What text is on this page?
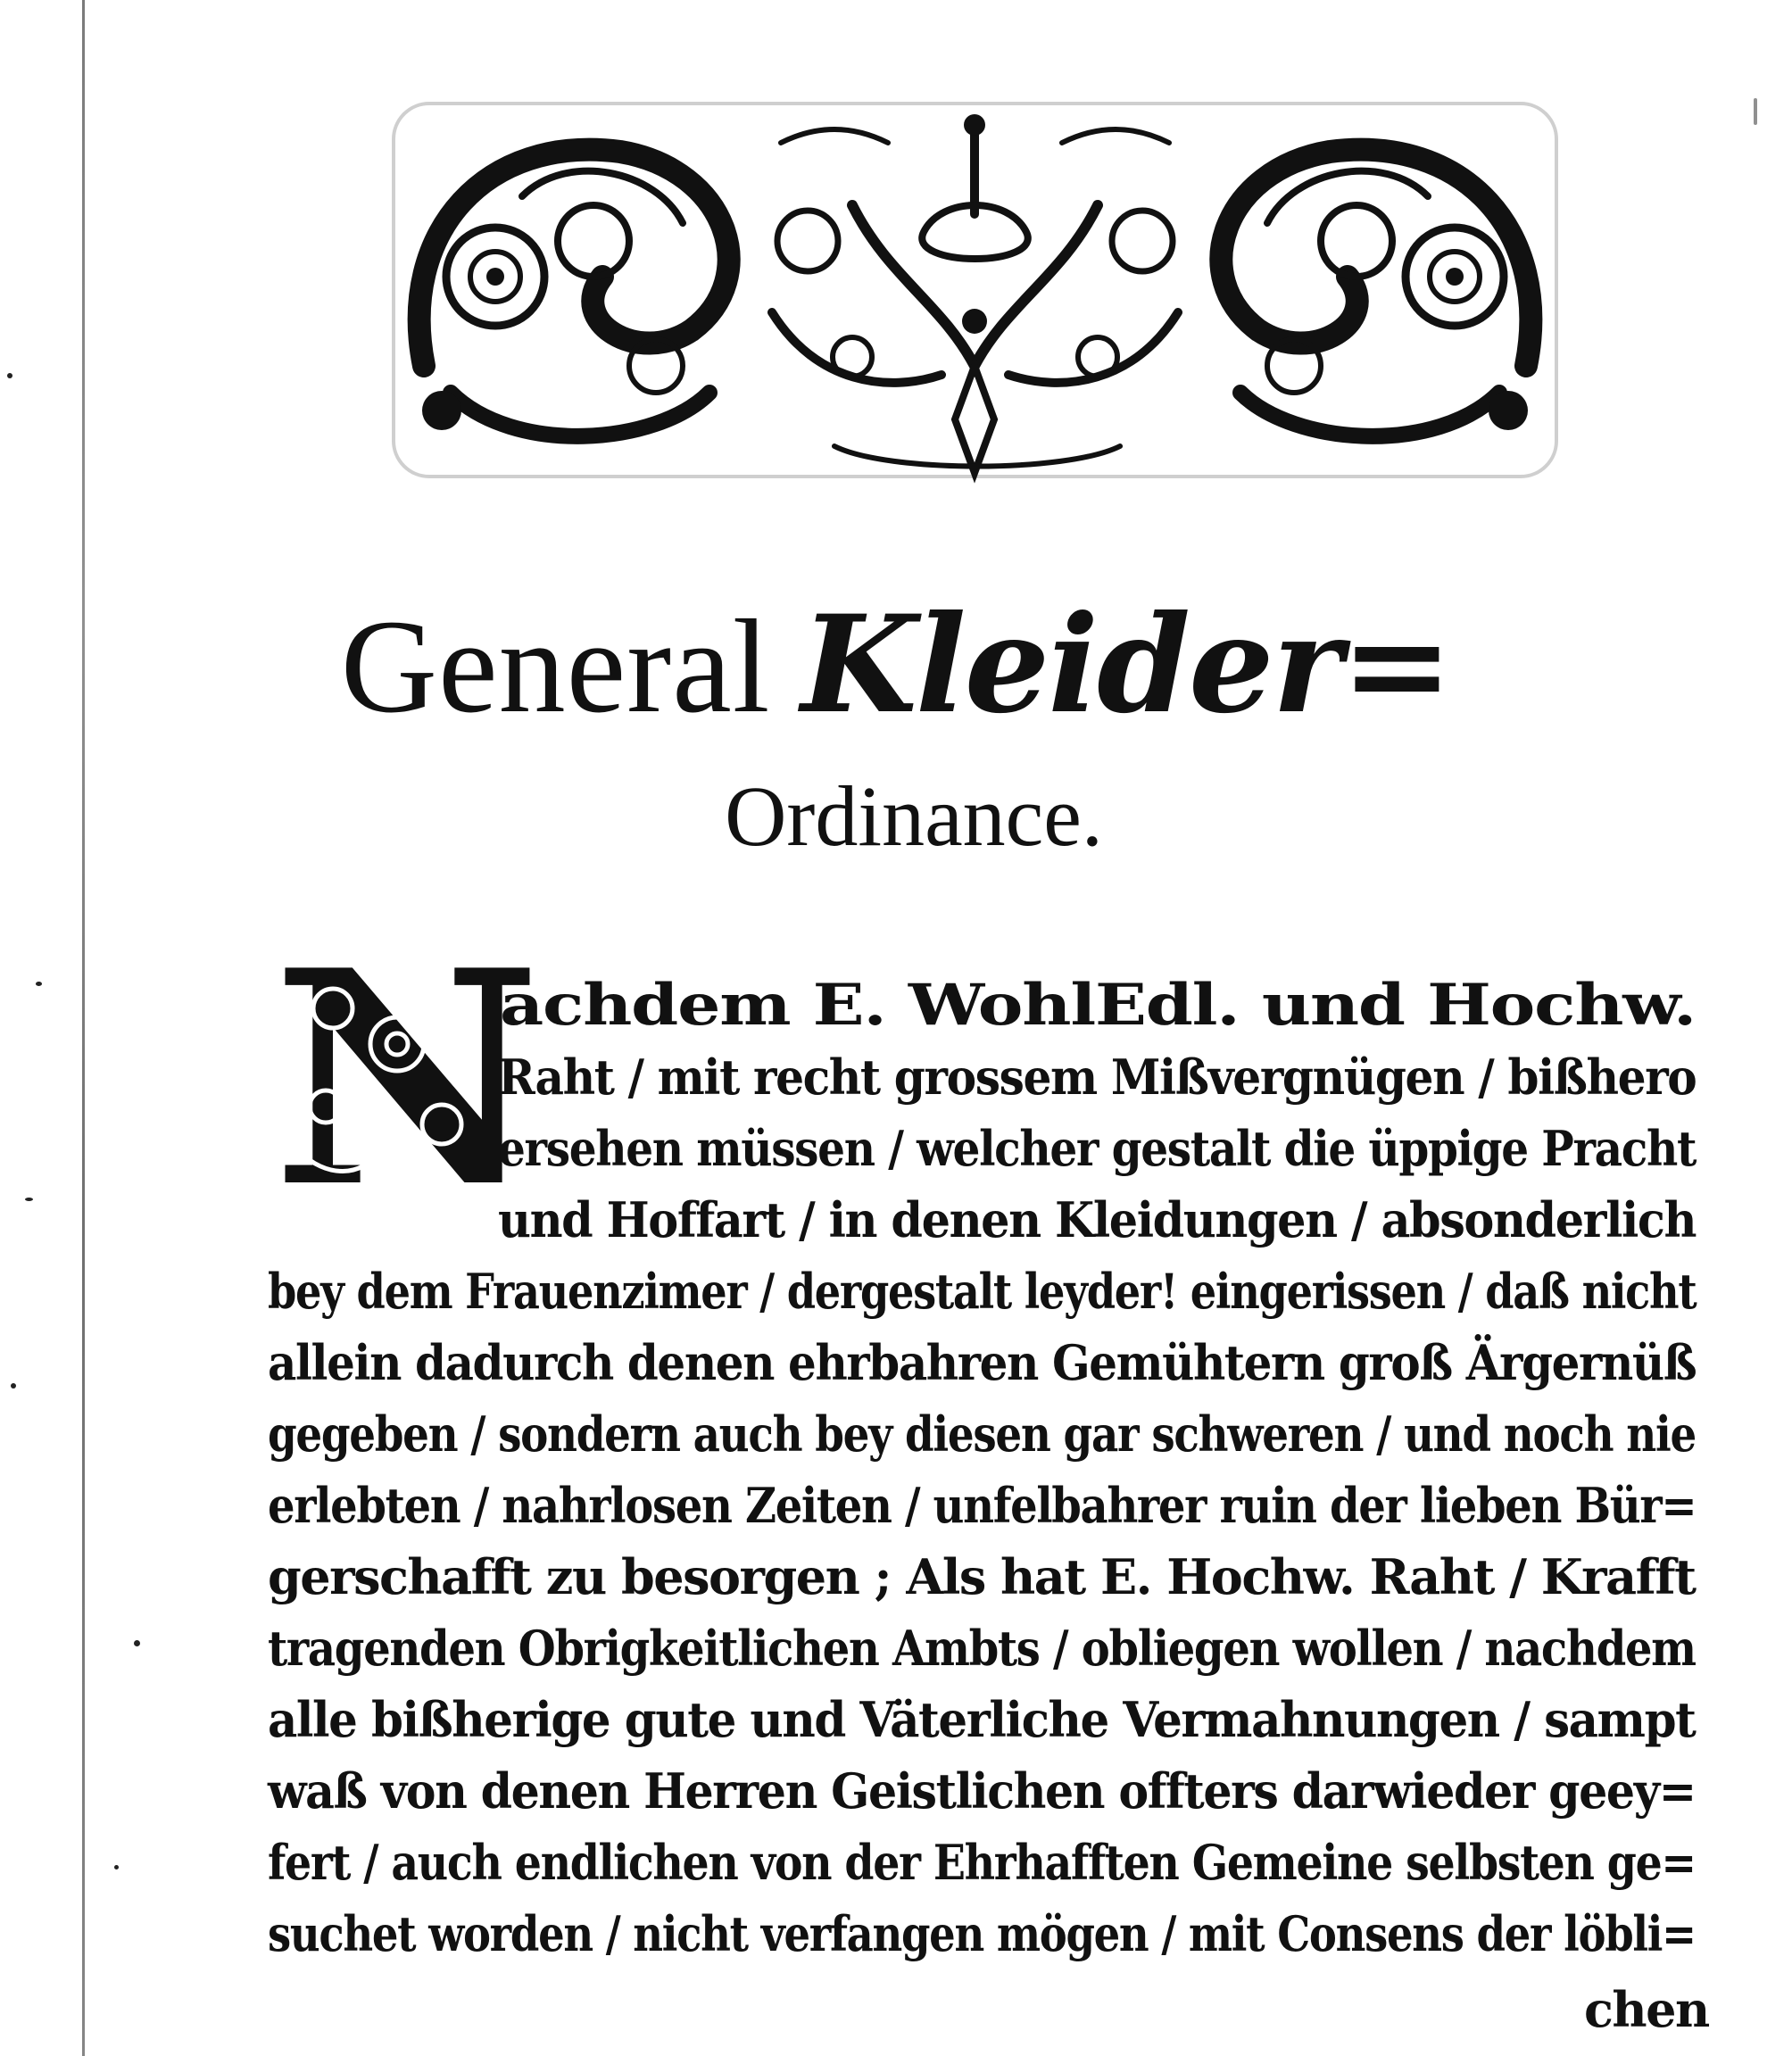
General Kleider=
Ordinance.
N
achdem E. WohlEdl. und Hochw.
Raht / mit recht grossem Mißvergnügen / bißhero
ersehen müssen / welcher gestalt die üppige Pracht
und Hoffart / in denen Kleidungen / absonderlich
bey dem Frauenzimer / dergestalt leyder! eingerissen / daß nicht
allein dadurch denen ehrbahren Gemühtern groß Ärgernüß
gegeben / sondern auch bey diesen gar schweren / und noch nie
erlebten / nahrlosen Zeiten / unfelbahrer ruin der lieben Bür=
gerschafft zu besorgen ; Als hat E. Hochw. Raht / Krafft
tragenden Obrigkeitlichen Ambts / obliegen wollen / nachdem
alle bißherige gute und Väterliche Vermahnungen / sampt
waß von denen Herren Geistlichen offters darwieder geey=
fert / auch endlichen von der Ehrhafften Gemeine selbsten ge=
suchet worden / nicht verfangen mögen / mit Consens der löbli=
chen
